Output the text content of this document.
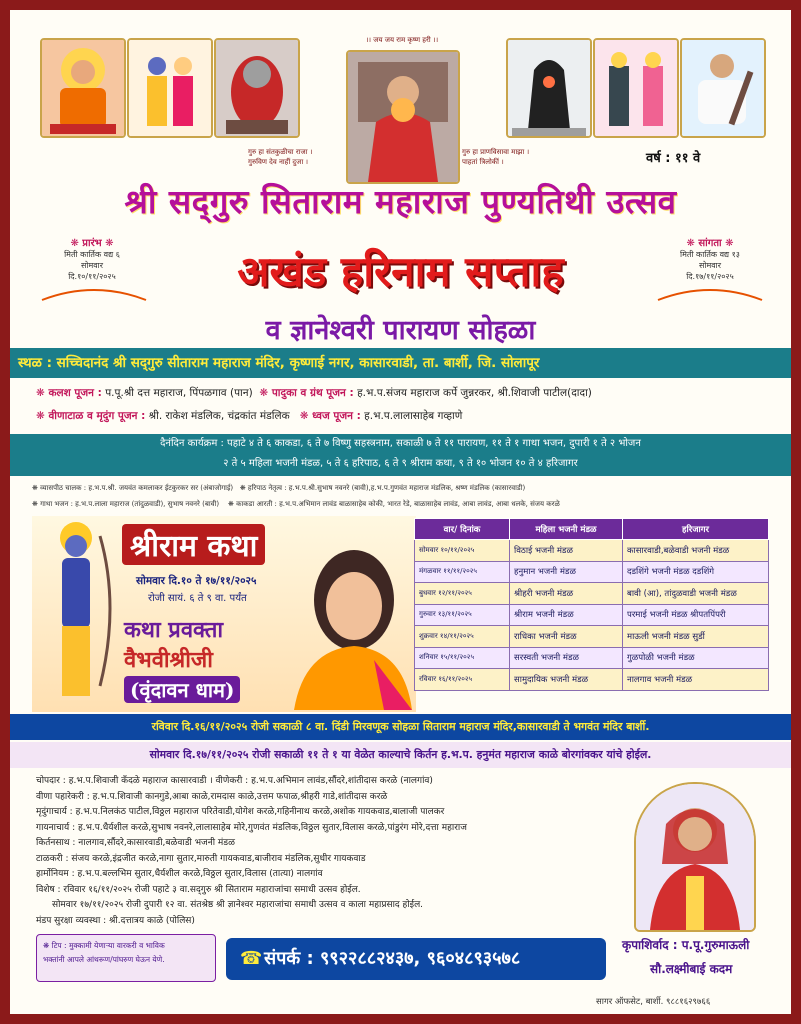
।। जय जय राम कृष्ण हरी ।।
गुरु हा संतकुळीचा राजा ।
गुरुविण देव नाहीं दुजा ।
गुरु हा प्राणविसावा माझा ।
पाहतां त्रिलोकीं ।	वर्ष : ११ वे
श्री सद्‌गुरु सिताराम महाराज पुण्यतिथी उत्सव
अखंड हरिनाम सप्ताह
व ज्ञानेश्वरी पारायण सोहळा
❋ प्रारंभ ❋
मिती कार्तिक वद्य ६
सोमवार
दि.१०/११/२०२५
❋ सांगता ❋
मिती कार्तिक वद्य १३
सोमवार
दि.१७/११/२०२५
स्थळ : सच्चिदानंद श्री सद्‌गुरु सीताराम महाराज मंदिर, कृष्णाई नगर, कासारवाडी, ता. बार्शी, जि. सोलापूर
❋ कलश पूजन : प.पू.श्री दत्त महाराज, पिंपळगाव (पान) ❋ पादुका व ग्रंथ पूजन : ह.भ.प.संजय महाराज कर्पे जुन्नरकर, श्री.शिवाजी पाटील(दादा)
❋ वीणाटाळ व मृदुंग पूजन : श्री. राकेश मंडलिक, चंद्रकांत मंडलिक ❋ ध्वज पूजन : ह.भ.प.लालासाहेब गव्हाणे
दैनंदिन कार्यक्रम : पहाटे ४ ते ६ काकडा, ६ ते ७ विष्णु सहस्त्रनाम, सकाळी ७ ते ११ पारायण, ११ ते १ गाथा भजन, दुपारी १ ते २ भोजन
२ ते ५ महिला भजनी मंडळ, ५ ते ६ हरिपाठ, ६ ते ९ श्रीराम कथा, ९ ते १० भोजन १० ते ४ हरिजागर
❋ व्यासपीठ चालक : ह.भ.प.श्री. जयवंत कमलाकर ईटकुरकर सर (अंबाजोगाई) ❋ हरिपाठ नेतृत्व : ह.भ.प.श्री.सुभाष नवनरे (बावी),ह.भ.प.गुणवंत महाराज मंडलिक, श्रष्ण मंडलिक (कासारवाडी)
❋ गाथा भजन : ह.भ.प.लाला महाराज (तांदुळवाडी), सुभाष नवनरे (बावी) ❋ काकडा आरती : ह.भ.प.अभिमान लावंड बाळासाहेब कोकी, भारत रेडे, बाळासाहेब लावंड, आबा लावंड, आबा धलके, संजय करळे
श्रीराम कथा
सोमवार दि.१० ते १७/११/२०२५
रोजी सायं. ६ ते ९ वा. पर्यंत
कथा प्रवक्ता
वैभवीश्रीजी
(वृंदावन धाम)
वार/ दिनांक	महिला भजनी मंडळ	हरिजागर
सोमवार १०/११/२०२५	विठाई भजनी मंडळ	कासारवाडी,बळेवाडी भजनी मंडळ
मंगळवार ११/११/२०२५	हनुमान भजनी मंडळ	दडशिंगे भजनी मंडळ दडशिंगे
बुधवार १२/११/२०२५	श्रीहरी भजनी मंडळ	बावी (आ), तांदुळवाडी भजनी मंडळ
गुरुवार १३/११/२०२५	श्रीराम भजनी मंडळ	परमाई भजनी मंडळ श्रीपतपिंपरी
शुक्रवार १४/११/२०२५	राधिका भजनी मंडळ	माऊली भजनी मंडळ सुर्डी
शनिवार १५/११/२०२५	सरस्वती भजनी मंडळ	गुळपोळी भजनी मंडळ
रविवार १६/११/२०२५	सामुदायिक भजनी मंडळ	नालगाव भजनी मंडळ
रविवार दि.१६/११/२०२५ रोजी सकाळी ८ वा. दिंडी मिरवणूक सोहळा सिताराम महाराज मंदिर,कासारवाडी ते भगवंत मंदिर बार्शी.
सोमवार दि.१७/११/२०२५ रोजी सकाळी ११ ते १ या वेळेत काल्याचे किर्तन ह.भ.प. हनुमंत महाराज काळे बोरगांवकर यांचे होईल.
चोपदार : ह.भ.प.शिवाजी कॅंदळे महाराज कासारवाडी । वीणेकरी : ह.भ.प.अभिमान लावंड,सौंदरे,शांतीदास करळे (नालगांव)
वीणा पहारेकरी : ह.भ.प.शिवाजी कानगुडे,आबा काळे,रामदास काळे,उत्तम फपाळ,श्रीहरी गाडे,शांतीदास करळे
मृदुंगाचार्य : ह.भ.प.निलकंठ पाटील,विठ्ठल महाराज परितेवाडी,योगेश करळे,गहिनीनाथ करळे,अशोक गायकवाड,बालाजी पालकर
गायनाचार्य : ह.भ.प.धैर्यशील करळे,सुभाष नवनरे,लालासाहेब मोरे,गुणवंत मंडलिक,विठ्ठल सुतार,विलास करळे,पांडुरंग मोरे,दत्ता महाराज
किर्तनसाथ : नालगाव,सौंदरे,कासारवाडी,बळेवाडी भजनी मंडळ
टाळकरी : संजय करळे,इंद्रजीत करळे,नागा सुतार,मारुती गायकवाड,बाजीराव मंडलिक,सुधीर गायकवाड
हार्मोनियम : ह.भ.प.बल्लभिम सुतार,धैर्यशील करळे,विठ्ठल सुतार,विलास (तात्या) नालगांव
विशेष : रविवार १६/११/२०२५ रोजी पहाटे ३ वा.सद्‌गुरु श्री सिताराम महाराजांचा समाधी उत्सव होईल.
सोमवार १७/११/२०२५ रोजी दुपारी १२ वा. संतश्रेष्ठ श्री ज्ञानेश्वर महाराजांचा समाधी उत्सव व काला महाप्रसाद होईल.
मंडप सुरक्षा व्यवस्था : श्री.दत्तात्रय काळे (पोलिस)
❋ टिप : मुक्कामी येणाऱ्या वारकरी व भाविक
भक्तांनी आपले आंथरूण/पांघरुण घेऊन येणे.	☎ संपर्क : ९९२२८८२४३७, ९६०४८९३५७८
कृपाशिर्वाद : प.पू.गुरुमाऊली
सौ.लक्ष्मीबाई कदम
सागर ऑफसेट, बार्शी. ९८८१६२९७६६
